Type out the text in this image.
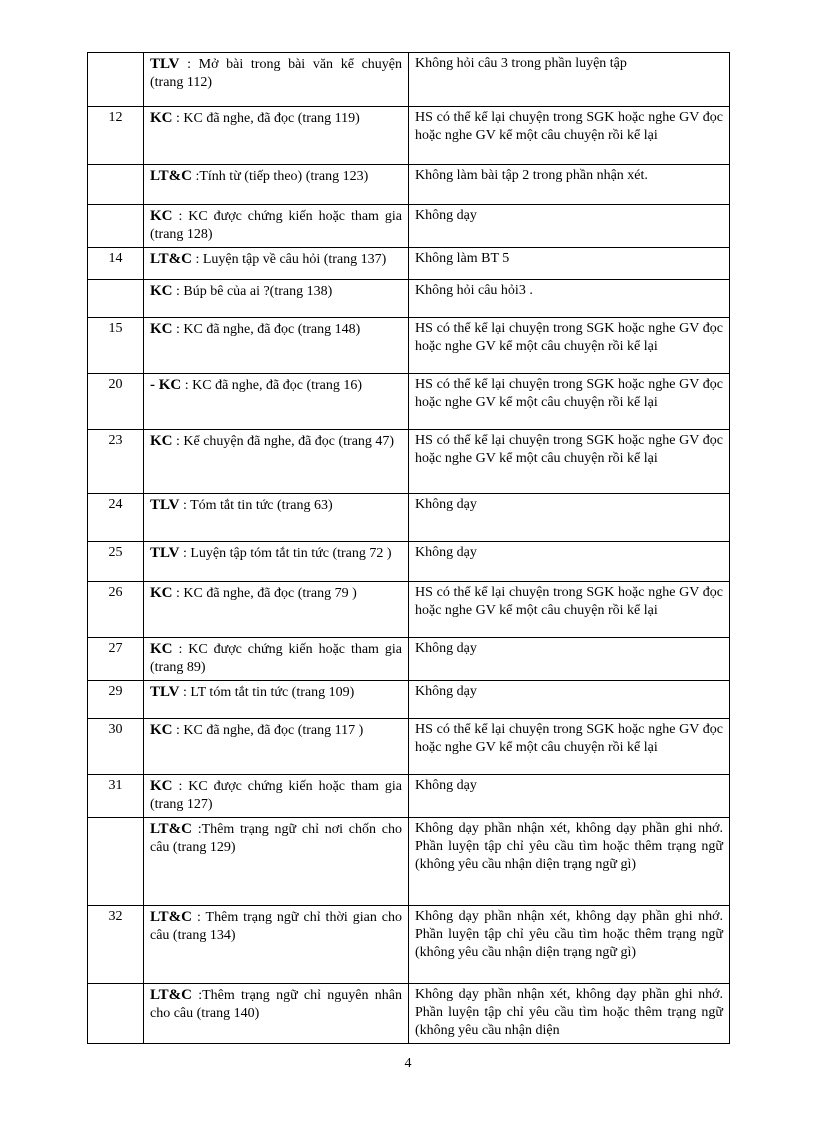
	TLV : Mở bài trong bài văn kể chuyện (trang 112)	Không hỏi câu 3 trong phần luyện tập
12	KC : KC đã nghe, đã đọc (trang 119)	HS có thể kể lại chuyện trong SGK hoặc nghe GV đọc hoặc nghe GV kể một câu chuyện rồi kể lại
	LT&C :Tính từ (tiếp theo) (trang 123)	Không làm bài tập 2 trong phần nhận xét.
	KC : KC được chứng kiến hoặc tham gia (trang 128)	Không dạy
14	LT&C : Luyện tập về câu hỏi (trang 137)	Không làm BT 5
	KC : Búp bê của ai ?(trang 138)	Không hỏi câu hỏi3 .
15	KC : KC đã nghe, đã đọc (trang 148)	HS có thể kể lại chuyện trong SGK hoặc nghe GV đọc hoặc nghe GV kể một câu chuyện rồi kể lại
20	- KC : KC đã nghe, đã đọc (trang 16)	HS có thể kể lại chuyện trong SGK hoặc nghe GV đọc hoặc nghe GV kể một câu chuyện rồi kể lại
23	KC : Kể chuyện đã nghe, đã đọc (trang 47)	HS có thể kể lại chuyện trong SGK hoặc nghe GV đọc hoặc nghe GV kể một câu chuyện rồi kể lại
24	TLV : Tóm tắt tin tức (trang 63)	Không dạy
25	TLV : Luyện tập tóm tắt tin tức (trang 72 )	Không dạy
26	KC : KC đã nghe, đã đọc (trang 79 )	HS có thể kể lại chuyện trong SGK hoặc nghe GV đọc hoặc nghe GV kể một câu chuyện rồi kể lại
27	KC : KC được chứng kiến hoặc tham gia (trang 89)	Không dạy
29	TLV : LT tóm tắt tin tức (trang 109)	Không dạy
30	KC : KC đã nghe, đã đọc (trang 117 )	HS có thể kể lại chuyện trong SGK hoặc nghe GV đọc hoặc nghe GV kể một câu chuyện rồi kể lại
31	KC : KC được chứng kiến hoặc tham gia (trang 127)	Không dạy
	LT&C :Thêm trạng ngữ chỉ nơi chốn cho câu (trang 129)	Không dạy phần nhận xét, không dạy phần ghi nhớ. Phần luyện tập chỉ yêu cầu tìm hoặc thêm trạng ngữ (không yêu cầu nhận diện trạng ngữ gì)
32	LT&C : Thêm trạng ngữ chỉ thời gian cho câu (trang 134)	Không dạy phần nhận xét, không dạy phần ghi nhớ. Phần luyện tập chỉ yêu cầu tìm hoặc thêm trạng ngữ (không yêu cầu nhận diện trạng ngữ gì)
	LT&C :Thêm trạng ngữ chỉ nguyên nhân cho câu (trang 140)	Không dạy phần nhận xét, không dạy phần ghi nhớ. Phần luyện tập chỉ yêu cầu tìm hoặc thêm trạng ngữ (không yêu cầu nhận diện
4
